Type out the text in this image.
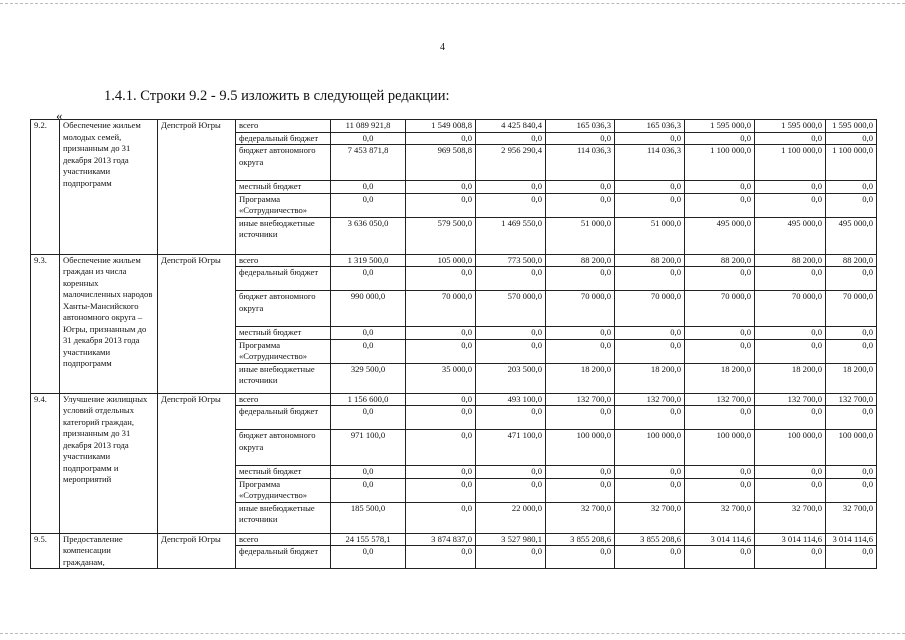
4
1.4.1. Строки 9.2 - 9.5 изложить в следующей редакции:
«
9.2.	Обеспечение жильем молодых семей, признанным до 31 декабря 2013 года участниками подпрограмм	Депстрой Югры	всего	11 089 921,8	1 549 008,8	4 425 840,4	165 036,3	165 036,3	1 595 000,0	1 595 000,0	1 595 000,0
			федеральный бюджет	0,0	0,0	0,0	0,0	0,0	0,0	0,0	0,0
			бюджет автономного округа	7 453 871,8	969 508,8	2 956 290,4	114 036,3	114 036,3	1 100 000,0	1 100 000,0	1 100 000,0
			местный бюджет	0,0	0,0	0,0	0,0	0,0	0,0	0,0	0,0
			Программа «Сотрудничество»	0,0	0,0	0,0	0,0	0,0	0,0	0,0	0,0
			иные внебюджетные источники	3 636 050,0	579 500,0	1 469 550,0	51 000,0	51 000,0	495 000,0	495 000,0	495 000,0
9.3.	Обеспечение жильем граждан из числа коренных малочисленных народов Ханты-Мансийского автономного округа – Югры, признанным до 31 декабря 2013 года участниками подпрограмм	Депстрой Югры	всего	1 319 500,0	105 000,0	773 500,0	88 200,0	88 200,0	88 200,0	88 200,0	88 200,0
			федеральный бюджет	0,0	0,0	0,0	0,0	0,0	0,0	0,0	0,0
			бюджет автономного округа	990 000,0	70 000,0	570 000,0	70 000,0	70 000,0	70 000,0	70 000,0	70 000,0
			местный бюджет	0,0	0,0	0,0	0,0	0,0	0,0	0,0	0,0
			Программа «Сотрудничество»	0,0	0,0	0,0	0,0	0,0	0,0	0,0	0,0
			иные внебюджетные источники	329 500,0	35 000,0	203 500,0	18 200,0	18 200,0	18 200,0	18 200,0	18 200,0
9.4.	Улучшение жилищных условий отдельных категорий граждан, признанным до 31 декабря 2013 года участниками подпрограмм и мероприятий	Депстрой Югры	всего	1 156 600,0	0,0	493 100,0	132 700,0	132 700,0	132 700,0	132 700,0	132 700,0
			федеральный бюджет	0,0	0,0	0,0	0,0	0,0	0,0	0,0	0,0
			бюджет автономного округа	971 100,0	0,0	471 100,0	100 000,0	100 000,0	100 000,0	100 000,0	100 000,0
			местный бюджет	0,0	0,0	0,0	0,0	0,0	0,0	0,0	0,0
			Программа «Сотрудничество»	0,0	0,0	0,0	0,0	0,0	0,0	0,0	0,0
			иные внебюджетные источники	185 500,0	0,0	22 000,0	32 700,0	32 700,0	32 700,0	32 700,0	32 700,0
9.5.	Предоставление компенсации гражданам,	Депстрой Югры	всего	24 155 578,1	3 874 837,0	3 527 980,1	3 855 208,6	3 855 208,6	3 014 114,6	3 014 114,6	3 014 114,6
			федеральный бюджет	0,0	0,0	0,0	0,0	0,0	0,0	0,0	0,0
